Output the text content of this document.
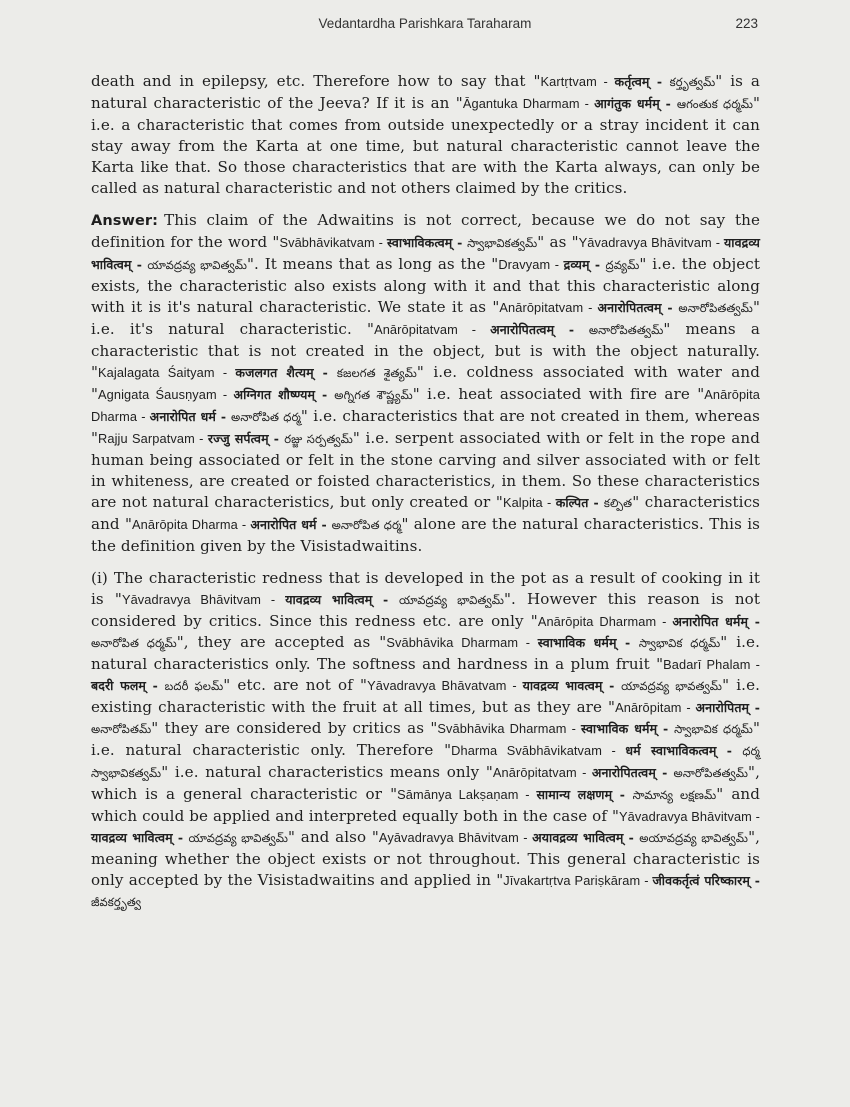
Vedantardha Parishkara Taraharam	223

death and in epilepsy, etc. Therefore how to say that "Kartṛtvam - कर्तृत्वम् - కర్తృత్వమ్" is a natural characteristic of the Jeeva? If it is an "Āgantuka Dharmam - आगंतुक धर्मम् - ఆగంతుక ధర్మమ్" i.e. a characteristic that comes from outside unexpectedly or a stray incident it can stay away from the Karta at one time, but natural characteristic cannot leave the Karta like that. So those characteristics that are with the Karta always, can only be called as natural characteristic and not others claimed by the critics.

Answer: This claim of the Adwaitins is not correct, because we do not say the definition for the word "Svābhāvikatvam - स्वाभाविकत्वम् - స్వాభావికత్వమ్" as "Yāvadravya Bhāvitvam - यावद्रव्य भावित्वम् - యావద్రవ్య భావిత్వమ్". It means that as long as the "Dravyam - द्रव्यम् - ద్రవ్యమ్" i.e. the object exists, the characteristic also exists along with it and that this characteristic along with it is it's natural characteristic. We state it as "Anārōpitatvam - अनारोपितत्वम् - అనారోపితత్వమ్" i.e. it's natural characteristic. "Anārōpitatvam - अनारोपितत्वम् - అనారోపితత్వమ్" means a characteristic that is not created in the object, but is with the object naturally. "Kajalagata Śaityam - कजलगत शैत्यम् - కజలగత శైత్యమ్" i.e. coldness associated with water and "Agnigata Śausṇyam - अग्निगत शौष्ण्यम् - అగ్నిగత శౌష్ణ్యమ్" i.e. heat associated with fire are "Anārōpita Dharma - अनारोपित धर्म - అనారోపిత ధర్మ" i.e. characteristics that are not created in them, whereas "Rajju Sarpatvam - रज्जु सर्पत्वम् - రజ్జు సర్పత్వమ్" i.e. serpent associated with or felt in the rope and human being associated or felt in the stone carving and silver associated with or felt in whiteness, are created or foisted characteristics, in them. So these characteristics are not natural characteristics, but only created or "Kalpita - कल्पित - కల్పిత" characteristics and "Anārōpita Dharma - अनारोपित धर्म - అనారోపిత ధర్మ" alone are the natural characteristics. This is the definition given by the Visistadwaitins.

(i) The characteristic redness that is developed in the pot as a result of cooking in it is "Yāvadravya Bhāvitvam - यावद्रव्य भावित्वम् - యావద్రవ్య భావిత్వమ్". However this reason is not considered by critics. Since this redness etc. are only "Anārōpita Dharmam - अनारोपित धर्मम् - అనారోపిత ధర్మమ్", they are accepted as "Svābhāvika Dharmam - स्वाभाविक धर्मम् - స్వాభావిక ధర్మమ్" i.e. natural characteristics only. The softness and hardness in a plum fruit "Badarī Phalam - बदरी फलम् - బదరీ ఫలమ్" etc. are not of "Yāvadravya Bhāvatvam - यावद्रव्य भावत्वम् - యావద్రవ్య భావత్వమ్" i.e. existing characteristic with the fruit at all times, but as they are "Anārōpitam - अनारोपितम् - అనారోపితమ్" they are considered by critics as "Svābhāvika Dharmam - स्वाभाविक धर्मम् - స్వాభావిక ధర్మమ్" i.e. natural characteristic only. Therefore "Dharma Svābhāvikatvam - धर्म स्वाभाविकत्वम् - ధర్మ స్వాభావికత్వమ్" i.e. natural characteristics means only "Anārōpitatvam - अनारोपितत्वम् - అనారోపితత్వమ్", which is a general characteristic or "Sāmānya Lakṣaṇam - सामान्य लक्षणम् - సామాన్య లక్షణమ్" and which could be applied and interpreted equally both in the case of "Yāvadravya Bhāvitvam - यावद्रव्य भावित्वम् - యావద్రవ్య భావిత్వమ్" and also "Ayāvadravya Bhāvitvam - अयावद्रव्य भावित्वम् - అయావద్రవ్య భావిత్వమ్", meaning whether the object exists or not throughout. This general characteristic is only accepted by the Visistadwaitins and applied in "Jīvakartṛtva Pariṣkāram - जीवकर्तृत्वं परिष्कारम् - జీవకర్తృత్వ
